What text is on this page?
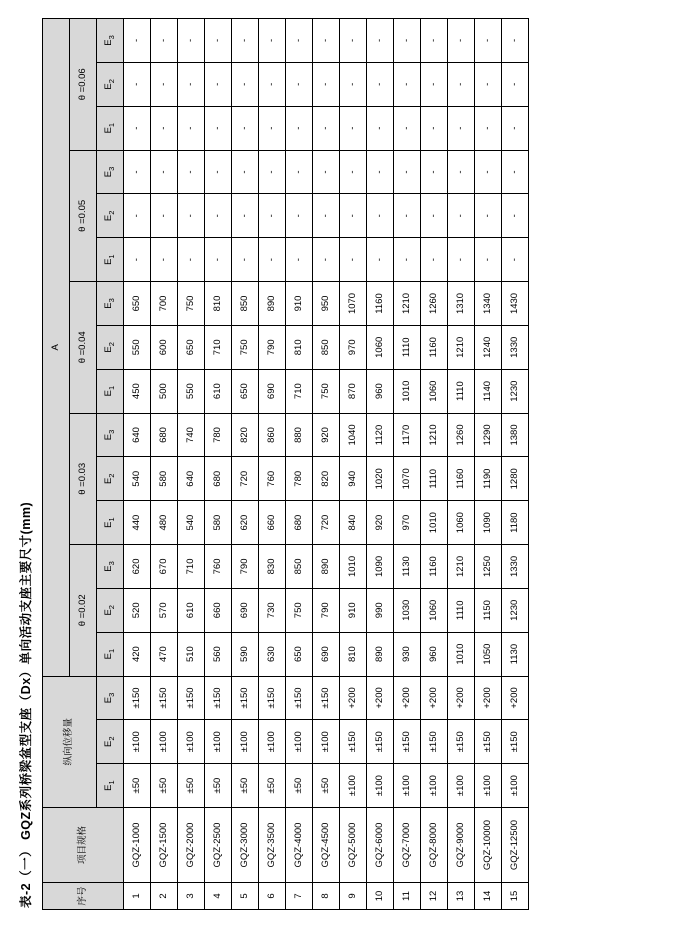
表-2（一） GQZ系列桥梁盆型支座（Dx）单向活动支座主要尺寸(mm)	序号	项目规格	纵向位移量			A														
					θ =0.02			θ =0.03			θ =0.04			θ =0.05			θ =0.06		
		$E_1$	$E_2$	$E_3$	$E_1$	$E_2$	$E_3$	$E_1$	$E_2$	$E_3$	$E_1$	$E_2$	$E_3$	$E_1$	$E_2$	$E_3$	$E_1$	$E_2$	$E_3$
1	GQZ-1000	±50	±100	±150	420	520	620	440	540	640	450	550	650	-	-	-	-	-	-
2	GQZ-1500	±50	±100	±150	470	570	670	480	580	680	500	600	700	-	-	-	-	-	-
3	GQZ-2000	±50	±100	±150	510	610	710	540	640	740	550	650	750	-	-	-	-	-	-
4	GQZ-2500	±50	±100	±150	560	660	760	580	680	780	610	710	810	-	-	-	-	-	-
5	GQZ-3000	±50	±100	±150	590	690	790	620	720	820	650	750	850	-	-	-	-	-	-
6	GQZ-3500	±50	±100	±150	630	730	830	660	760	860	690	790	890	-	-	-	-	-	-
7	GQZ-4000	±50	±100	±150	650	750	850	680	780	880	710	810	910	-	-	-	-	-	-
8	GQZ-4500	±50	±100	±150	690	790	890	720	820	920	750	850	950	-	-	-	-	-	-
9	GQZ-5000	±100	±150	+200	810	910	1010	840	940	1040	870	970	1070	-	-	-	-	-	-
10	GQZ-6000	±100	±150	+200	890	990	1090	920	1020	1120	960	1060	1160	-	-	-	-	-	-
11	GQZ-7000	±100	±150	+200	930	1030	1130	970	1070	1170	1010	1110	1210	-	-	-	-	-	-
12	GQZ-8000	±100	±150	+200	960	1060	1160	1010	1110	1210	1060	1160	1260	-	-	-	-	-	-
13	GQZ-9000	±100	±150	+200	1010	1110	1210	1060	1160	1260	1110	1210	1310	-	-	-	-	-	-
14	GQZ-10000	±100	±150	+200	1050	1150	1250	1090	1190	1290	1140	1240	1340	-	-	-	-	-	-
15	GQZ-12500	±100	±150	+200	1130	1230	1330	1180	1280	1380	1230	1330	1430	-	-	-	-	-	-
